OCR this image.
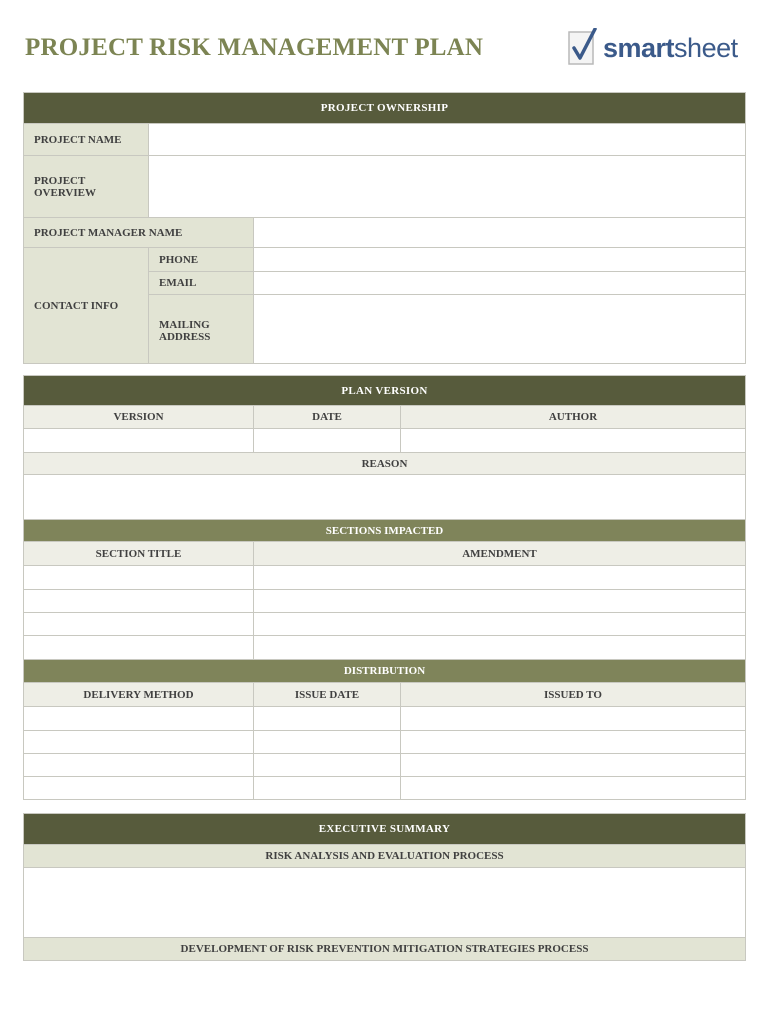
PROJECT RISK MANAGEMENT PLAN	smartsheet
PROJECT OWNERSHIP		
PROJECT NAME		
PROJECT OVERVIEW		
PROJECT MANAGER NAME		
CONTACT INFO	PHONE	
	EMAIL	
	MAILING ADDRESS	
PLAN VERSION		
VERSION	DATE	AUTHOR

REASON		

SECTIONS IMPACTED		
SECTION TITLE	AMENDMENT	

DISTRIBUTION		
DELIVERY METHOD	ISSUE DATE	ISSUED TO

EXECUTIVE SUMMARY
RISK ANALYSIS AND EVALUATION PROCESS

DEVELOPMENT OF RISK PREVENTION MITIGATION STRATEGIES PROCESS
